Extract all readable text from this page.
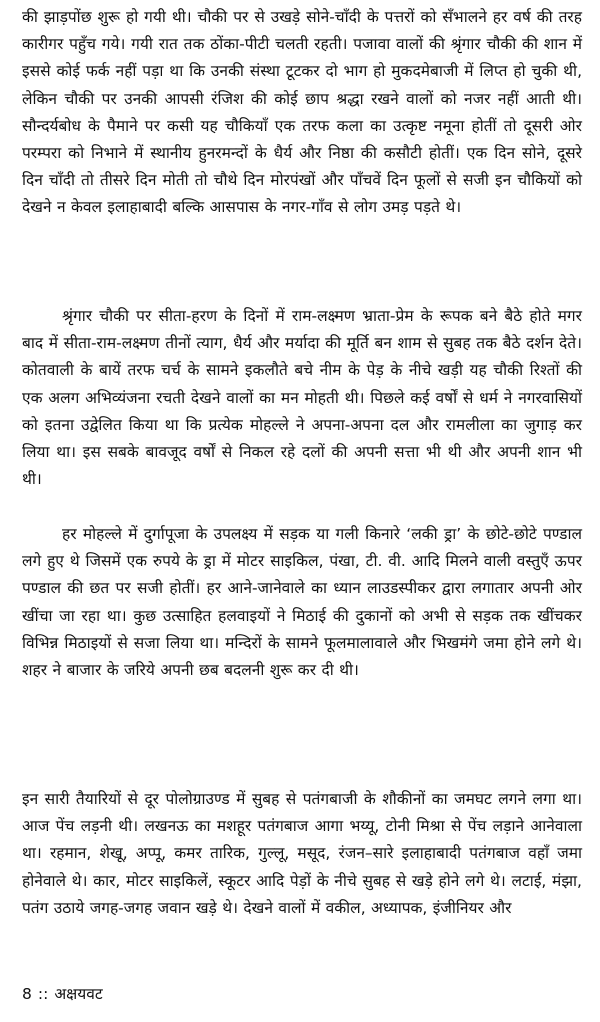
की झाड़पोंछ शुरू हो गयी थी। चौकी पर से उखड़े सोने-चाँदी के पत्तरों को सँभालने हर वर्ष की तरह कारीगर पहुँच गये। गयी रात तक ठोंका-पीटी चलती रहती। पजावा वालों की श्रृंगार चौकी की शान में इससे कोई फर्क नहीं पड़ा था कि उनकी संस्था टूटकर दो भाग हो मुकदमेबाजी में लिप्त हो चुकी थी, लेकिन चौकी पर उनकी आपसी रंजिश की कोई छाप श्रद्धा रखने वालों को नजर नहीं आती थी। सौन्दर्यबोध के पैमाने पर कसी यह चौकियाँ एक तरफ कला का उत्कृष्ट नमूना होतीं तो दूसरी ओर परम्परा को निभाने में स्थानीय हुनरमन्दों के धैर्य और निष्ठा की कसौटी होतीं। एक दिन सोने, दूसरे दिन चाँदी तो तीसरे दिन मोती तो चौथे दिन मोरपंखों और पाँचवें दिन फूलों से सजी इन चौकियों को देखने न केवल इलाहाबादी बल्कि आसपास के नगर-गाँव से लोग उमड़ पड़ते थे।

श्रृंगार चौकी पर सीता-हरण के दिनों में राम-लक्ष्मण भ्राता-प्रेम के रूपक बने बैठे होते मगर बाद में सीता-राम-लक्ष्मण तीनों त्याग, धैर्य और मर्यादा की मूर्ति बन शाम से सुबह तक बैठे दर्शन देते। कोतवाली के बायें तरफ चर्च के सामने इकलौते बचे नीम के पेड़ के नीचे खड़ी यह चौकी रिश्तों की एक अलग अभिव्यंजना रचती देखने वालों का मन मोहती थी। पिछले कई वर्षों से धर्म ने नगरवासियों को इतना उद्वेलित किया था कि प्रत्येक मोहल्ले ने अपना-अपना दल और रामलीला का जुगाड़ कर लिया था। इस सबके बावजूद वर्षों से निकल रहे दलों की अपनी सत्ता भी थी और अपनी शान भी थी।

हर मोहल्ले में दुर्गापूजा के उपलक्ष्य में सड़क या गली किनारे ‘लकी ड्रा’ के छोटे-छोटे पण्डाल लगे हुए थे जिसमें एक रुपये के ड्रा में मोटर साइकिल, पंखा, टी. वी. आदि मिलने वाली वस्तुएँ ऊपर पण्डाल की छत पर सजी होतीं। हर आने-जानेवाले का ध्यान लाउडस्पीकर द्वारा लगातार अपनी ओर खींचा जा रहा था। कुछ उत्साहित हलवाइयों ने मिठाई की दुकानों को अभी से सड़क तक खींचकर विभिन्न मिठाइयों से सजा लिया था। मन्दिरों के सामने फूलमालावाले और भिखमंगे जमा होने लगे थे। शहर ने बाजार के जरिये अपनी छब बदलनी शुरू कर दी थी।

इन सारी तैयारियों से दूर पोलोग्राउण्ड में सुबह से पतंगबाजी के शौकीनों का जमघट लगने लगा था। आज पेंच लड़नी थी। लखनऊ का मशहूर पतंगबाज आगा भय्यू, टोनी मिश्रा से पेंच लड़ाने आनेवाला था। रहमान, शेखू, अप्पू, कमर तारिक, गुल्लू, मसूद, रंजन–सारे इलाहाबादी पतंगबाज वहाँ जमा होनेवाले थे। कार, मोटर साइकिलें, स्कूटर आदि पेड़ों के नीचे सुबह से खड़े होने लगे थे। लटाई, मंझा, पतंग उठाये जगह-जगह जवान खड़े थे। देखने वालों में वकील, अध्यापक, इंजीनियर और

8 :: अक्षयवट
